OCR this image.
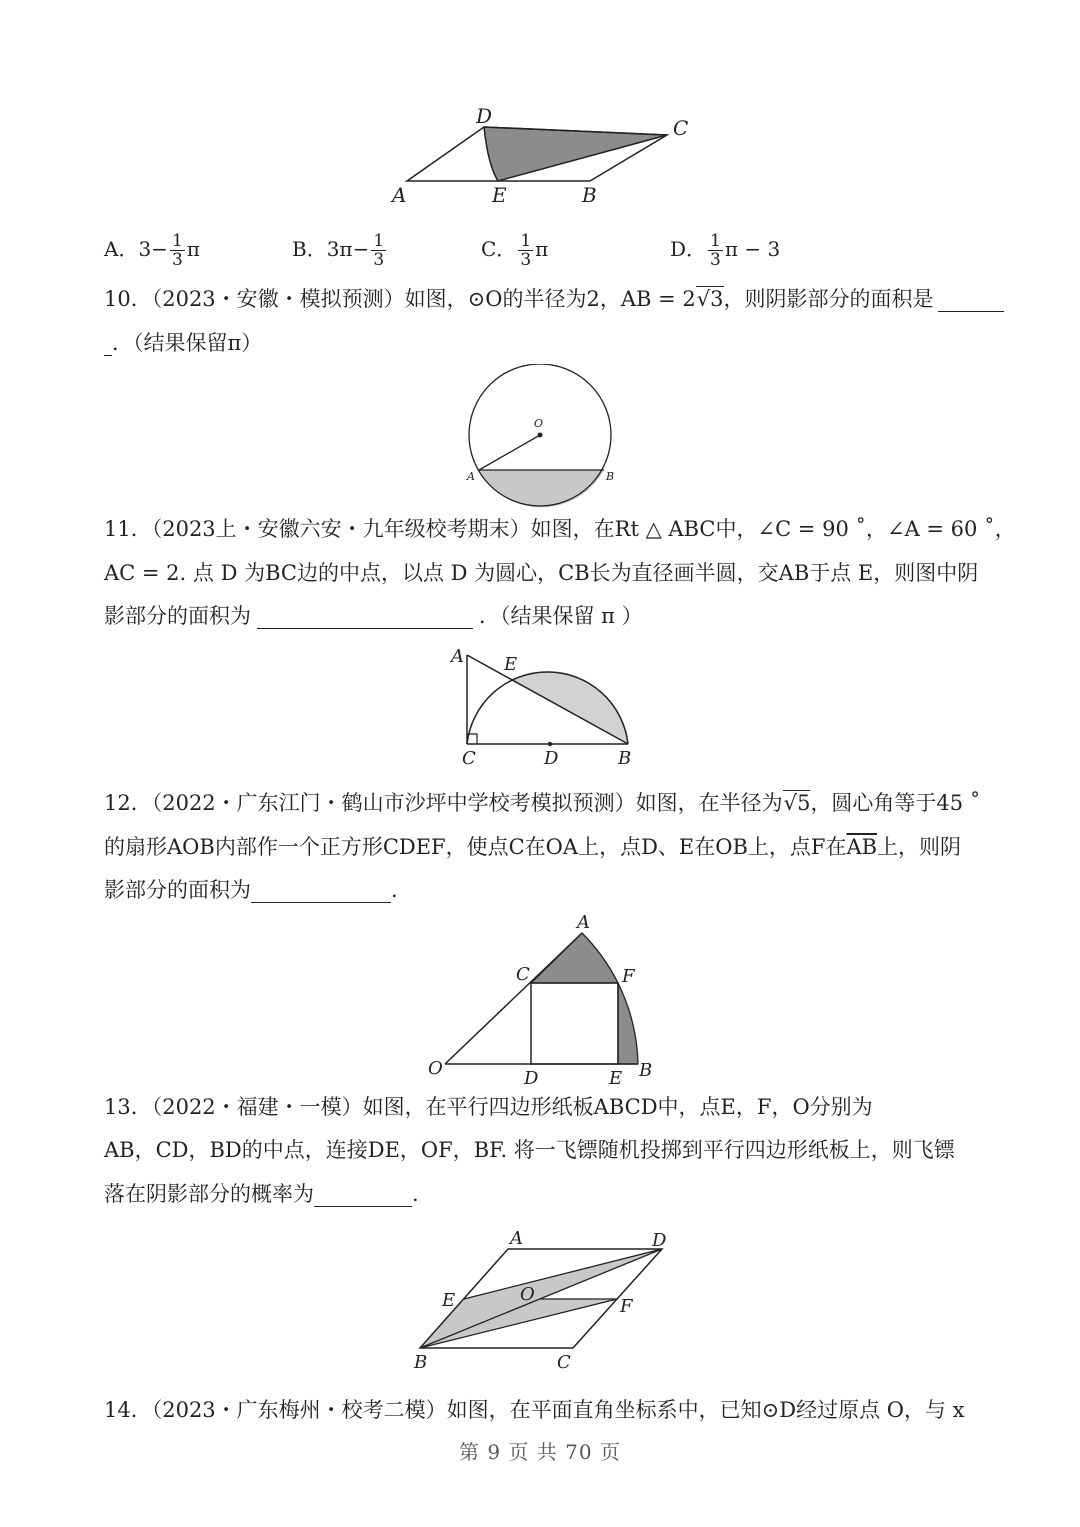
D	C
A	E	B
A．$3- \frac{1}{3}$ π	B．$3\pi- \frac{1}{3}$	C． $\frac{1}{3}$ π	D． $\frac{1}{3}$ π − 3
10．（2023・安徽・模拟预测）如图，⊙O的半径为2，AB = 2√3，则阴影部分的面积是
．（结果保留π）
O
A	B
11．（2023上・安徽六安・九年级校考期末）如图，在Rt △ ABC中，∠C = 90 ˚，∠A = 60 ˚，
AC = 2. 点 D 为BC边的中点，以点 D 为圆心，CB长为直径画半圆，交AB于点 E，则图中阴
影部分的面积为	．（结果保留 π ）
A E
C	D	B
12．（2022・广东江门・鹤山市沙坪中学校考模拟预测）如图，在半径为√5，圆心角等于45 ˚
的扇形AOB内部作一个正方形CDEF，使点C在OA上，点D、E在OB上，点F在$\overline{AB}$上，则阴
影部分的面积为	.
A
C	F
O	D	E B
13．（2022・福建・一模）如图，在平行四边形纸板ABCD中，点E，F，O分别为
AB，CD，BD的中点，连接DE，OF，BF. 将一飞镖随机投掷到平行四边形纸板上，则飞镖
落在阴影部分的概率为	.
A	D
E	O
F
B	C
14．（2023・广东梅州・校考二模）如图，在平面直角坐标系中，已知⊙D经过原点 O，与 x
第 9 页 共 70 页
